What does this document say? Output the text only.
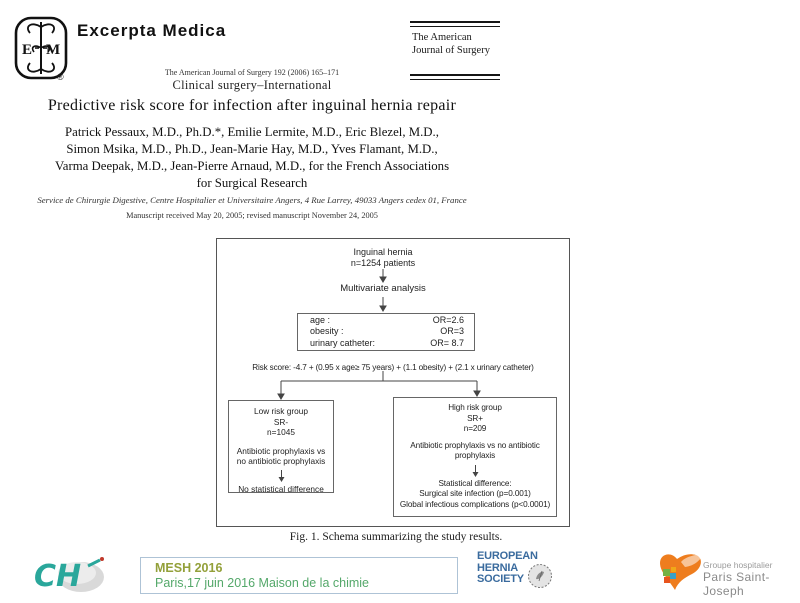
E M
®
Excerpta Medica	The American
Journal of Surgery
The American Journal of Surgery 192 (2006) 165–171
Clinical surgery–International
Predictive risk score for infection after inguinal hernia repair
Patrick Pessaux, M.D., Ph.D.*, Emilie Lermite, M.D., Eric Blezel, M.D.,
Simon Msika, M.D., Ph.D., Jean-Marie Hay, M.D., Yves Flamant, M.D.,
Varma Deepak, M.D., Jean-Pierre Arnaud, M.D., for the French Associations
for Surgical Research
Service de Chirurgie Digestive, Centre Hospitalier et Universitaire Angers, 4 Rue Larrey, 49033 Angers cedex 01, France
Manuscript received May 20, 2005; revised manuscript November 24, 2005
Inguinal hernia
n=1254 patients
Multivariate analysis
age :	OR=2.6
obesity :	OR=3
urinary catheter:	OR= 8.7
Risk score: -4.7 + (0.95 x age≥ 75 years) + (1.1 obesity) + (2.1 x urinary catheter)
Low risk group
SR-
n=1045
Antibiotic prophylaxis vs
no antibiotic prophylaxis
No statistical difference
High risk group
SR+
n=209
Antibiotic prophylaxis vs no antibiotic
prophylaxis
Statistical difference:
Surgical site infection (p=0.001)
Global infectious complications (p<0.0001)
Fig. 1. Schema summarizing the study results.
CH	MESH 2016
Paris,17 juin 2016 Maison de la chimie
EUROPEAN
HERNIA
SOCIETY
Groupe hospitalier
Paris Saint-Joseph
